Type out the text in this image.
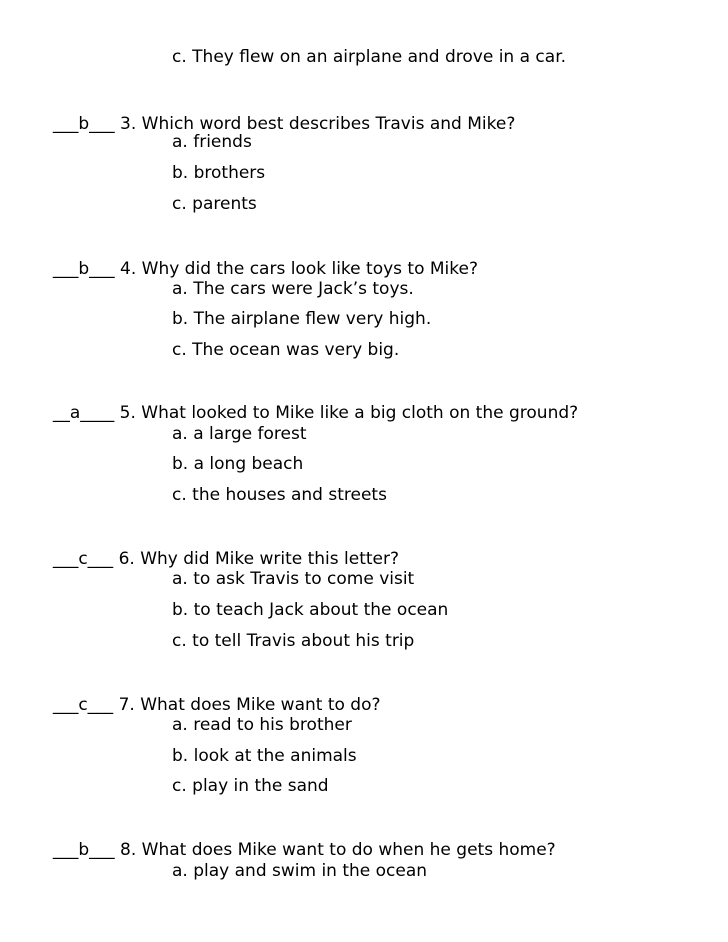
c. They flew on an airplane and drove in a car.

___b___ 3. Which word best describes Travis and Mike?

a. friends
b. brothers
c. parents

___b___ 4. Why did the cars look like toys to Mike?

a. The cars were Jack’s toys.
b. The airplane flew very high.
c. The ocean was very big.

__a____ 5. What looked to Mike like a big cloth on the ground?

a. a large forest
b. a long beach
c. the houses and streets

___c___ 6. Why did Mike write this letter?

a. to ask Travis to come visit
b. to teach Jack about the ocean
c. to tell Travis about his trip

___c___ 7. What does Mike want to do?

a. read to his brother
b. look at the animals
c. play in the sand

___b___ 8. What does Mike want to do when he gets home?

a. play and swim in the ocean
